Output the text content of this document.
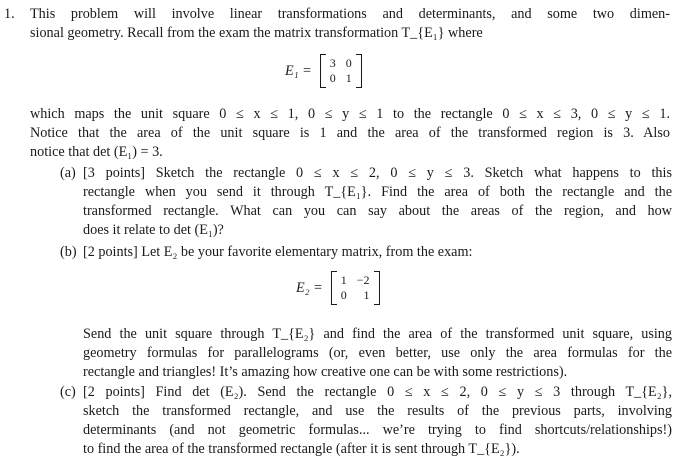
1. This problem will involve linear transformations and determinants, and some two dimen-
sional geometry. Recall from the exam the matrix transformation T_{E₁} where
E₁ = 3 0
0 1
which maps the unit square 0 ≤ x ≤ 1, 0 ≤ y ≤ 1 to the rectangle 0 ≤ x ≤ 3, 0 ≤ y ≤ 1.
Notice that the area of the unit square is 1 and the area of the transformed region is 3. Also
notice that det (E₁) = 3.
(a) [3 points] Sketch the rectangle 0 ≤ x ≤ 2, 0 ≤ y ≤ 3. Sketch what happens to this
rectangle when you send it through T_{E₁}. Find the area of both the rectangle and the
transformed rectangle. What can you can say about the areas of the region, and how
does it relate to det (E₁)?
(b) [2 points] Let E₂ be your favorite elementary matrix, from the exam:
E₂ = 1 −2
0	1
Send the unit square through T_{E₂} and find the area of the transformed unit square, using
geometry formulas for parallelograms (or, even better, use only the area formulas for the
rectangle and triangles! It’s amazing how creative one can be with some restrictions).
(c) [2 points] Find det (E₂). Send the rectangle 0 ≤ x ≤ 2, 0 ≤ y ≤ 3 through T_{E₂},
sketch the transformed rectangle, and use the results of the previous parts, involving
determinants (and not geometric formulas... we’re trying to find shortcuts/relationships!)
to find the area of the transformed rectangle (after it is sent through T_{E₂}).
